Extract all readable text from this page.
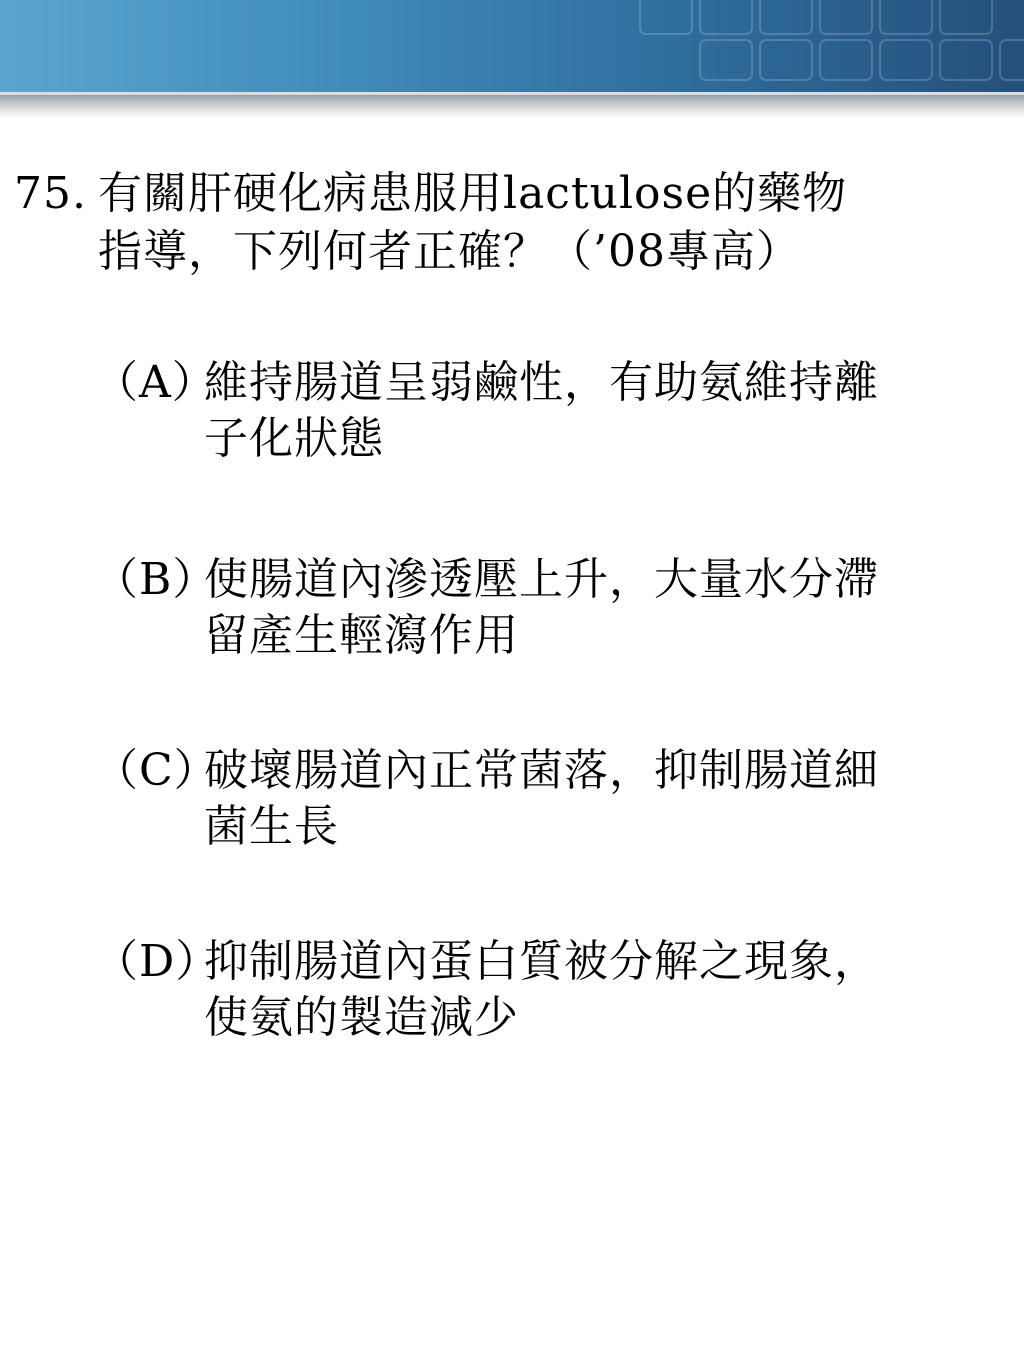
75. 有關肝硬化病患服用lactulose的藥物
指導，下列何者正確？（’08專高）
（A）
維持腸道呈弱鹼性，有助氨維持離
子化狀態
（B）
使腸道內滲透壓上升，大量水分滯
留產生輕瀉作用
（C）
破壞腸道內正常菌落，抑制腸道細
菌生長
（D）
抑制腸道內蛋白質被分解之現象，
使氨的製造減少
